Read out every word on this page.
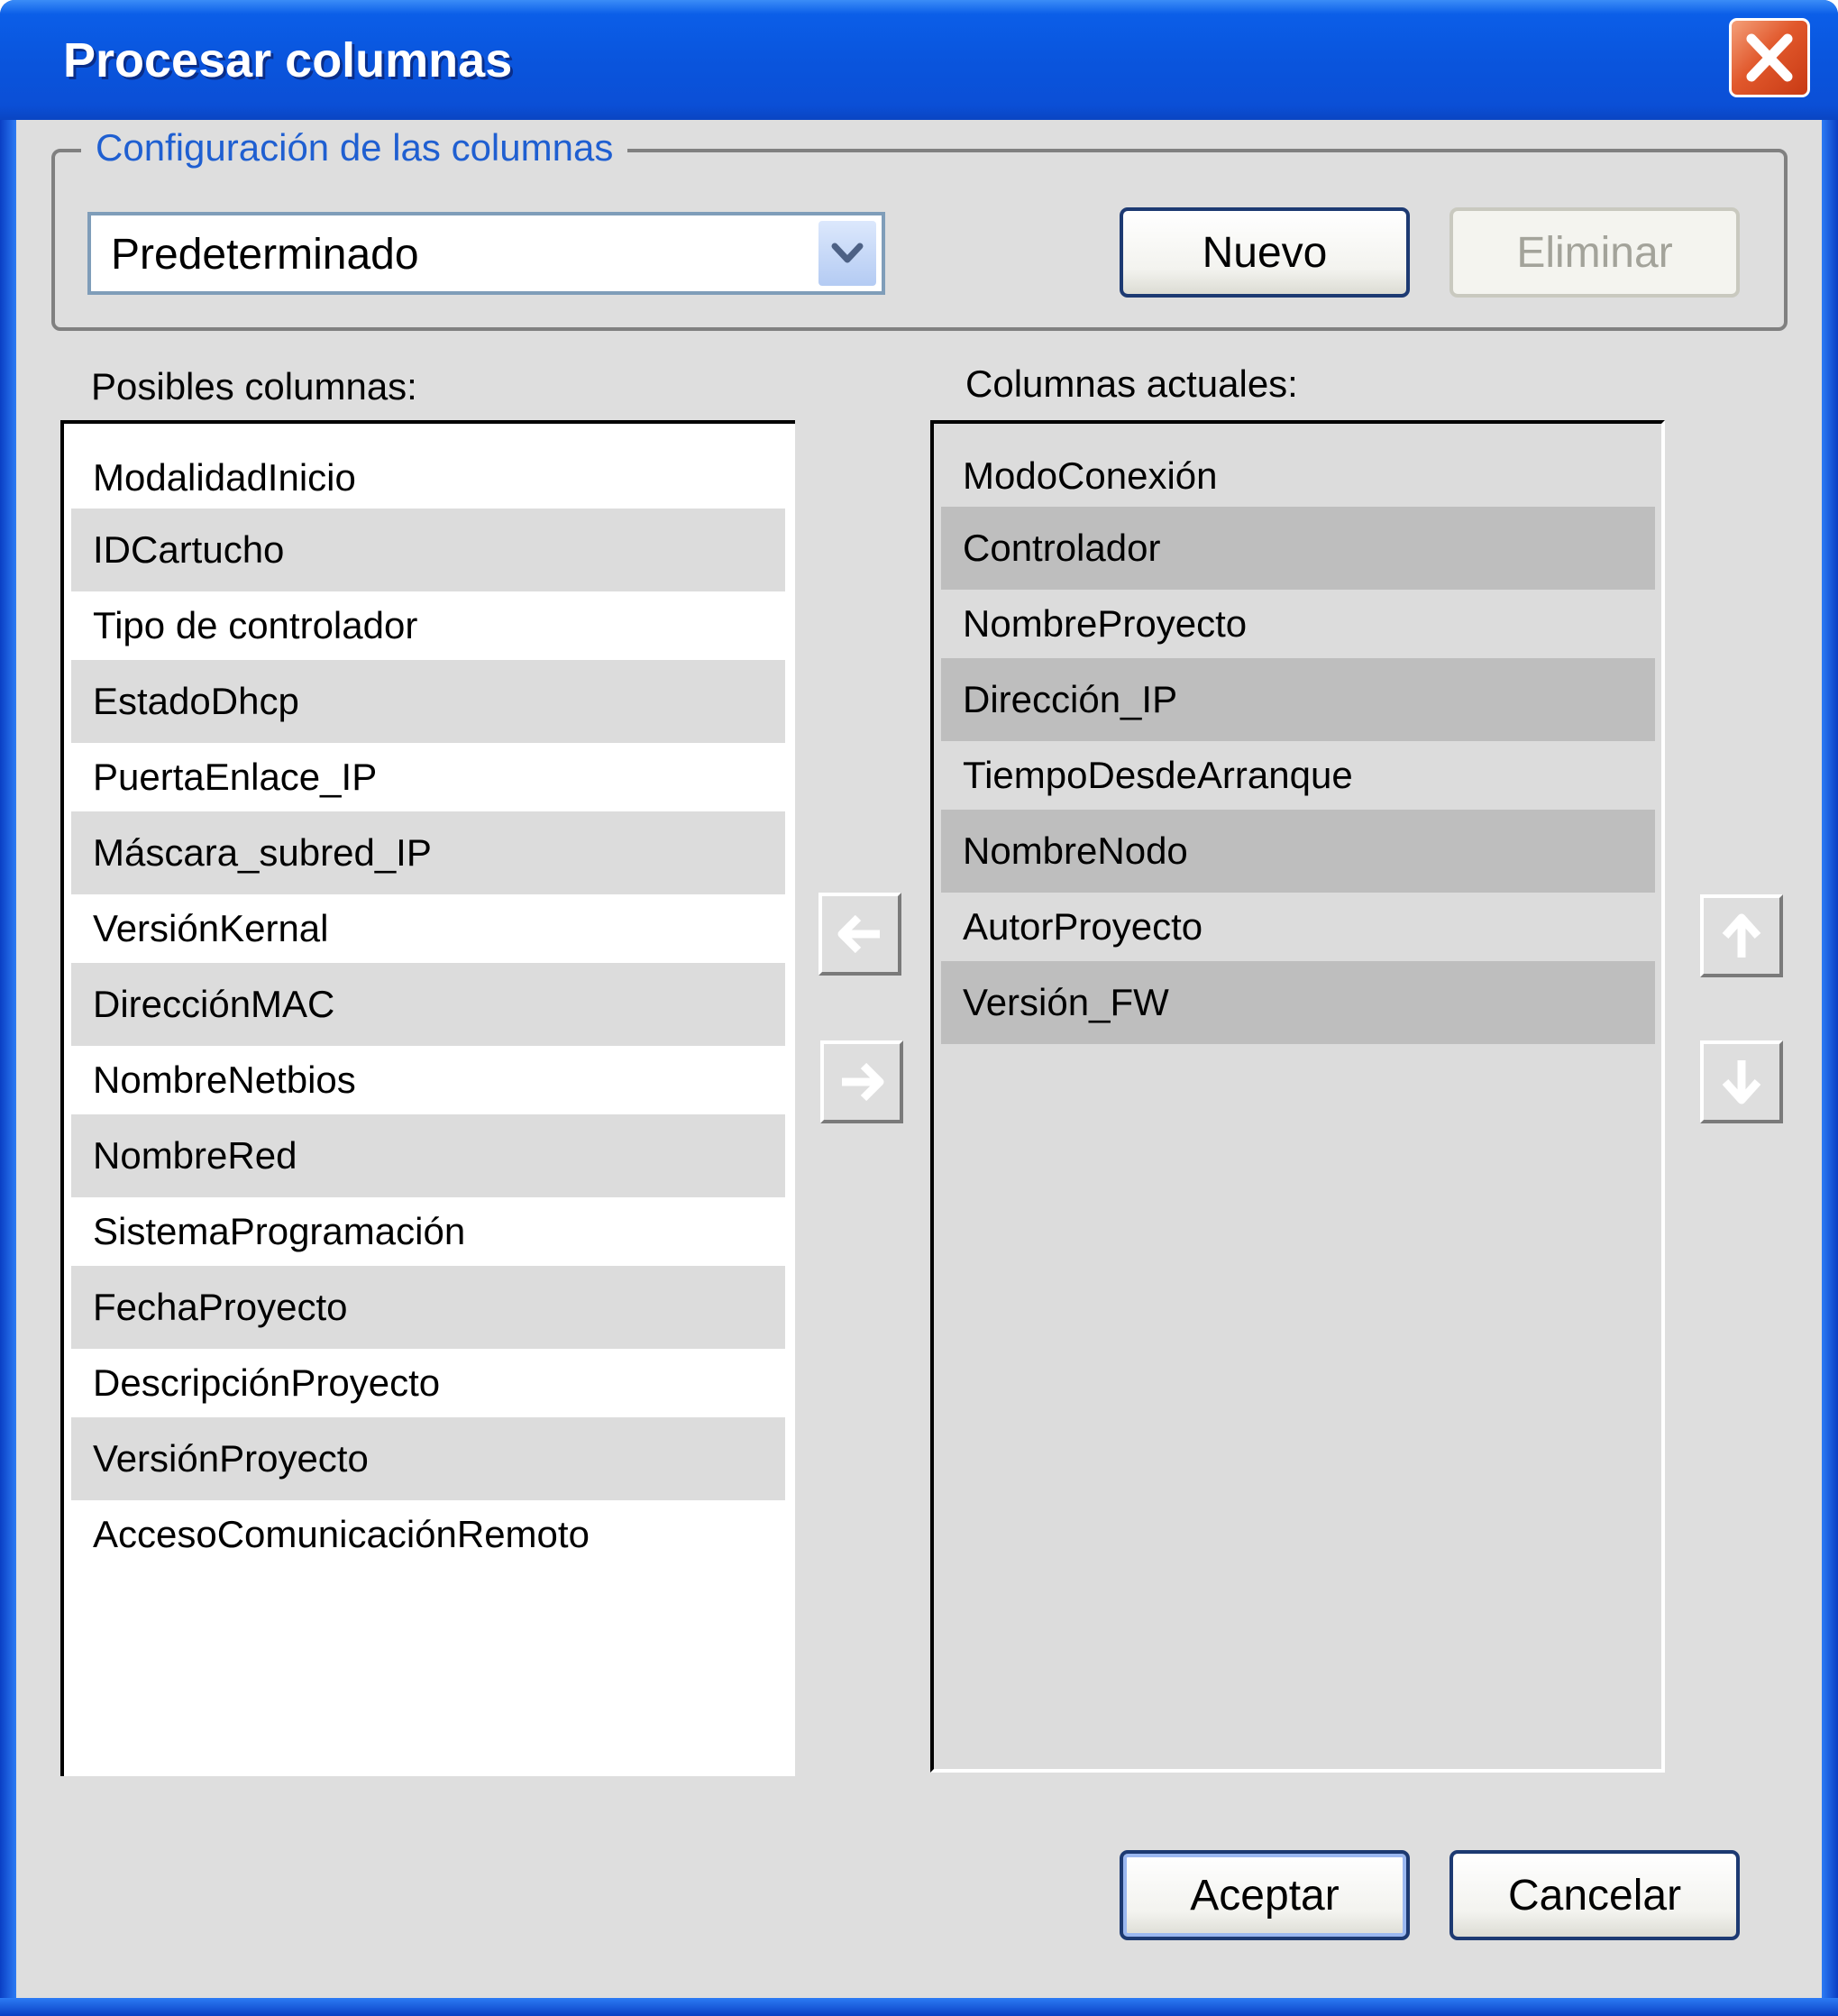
Procesar columnas
Configuración de las columnas
Predeterminado	Nuevo	Eliminar
Posibles columnas:	Columnas actuales:
ModalidadInicio
IDCartucho
Tipo de controlador
EstadoDhcp
PuertaEnlace_IP
Máscara_subred_IP
VersiónKernal
DirecciónMAC
NombreNetbios
NombreRed
SistemaProgramación
FechaProyecto
DescripciónProyecto
VersiónProyecto
AccesoComunicaciónRemoto
ModoConexión
Controlador
NombreProyecto
Dirección_IP
TiempoDesdeArranque
NombreNodo
AutorProyecto
Versión_FW
Aceptar	Cancelar
